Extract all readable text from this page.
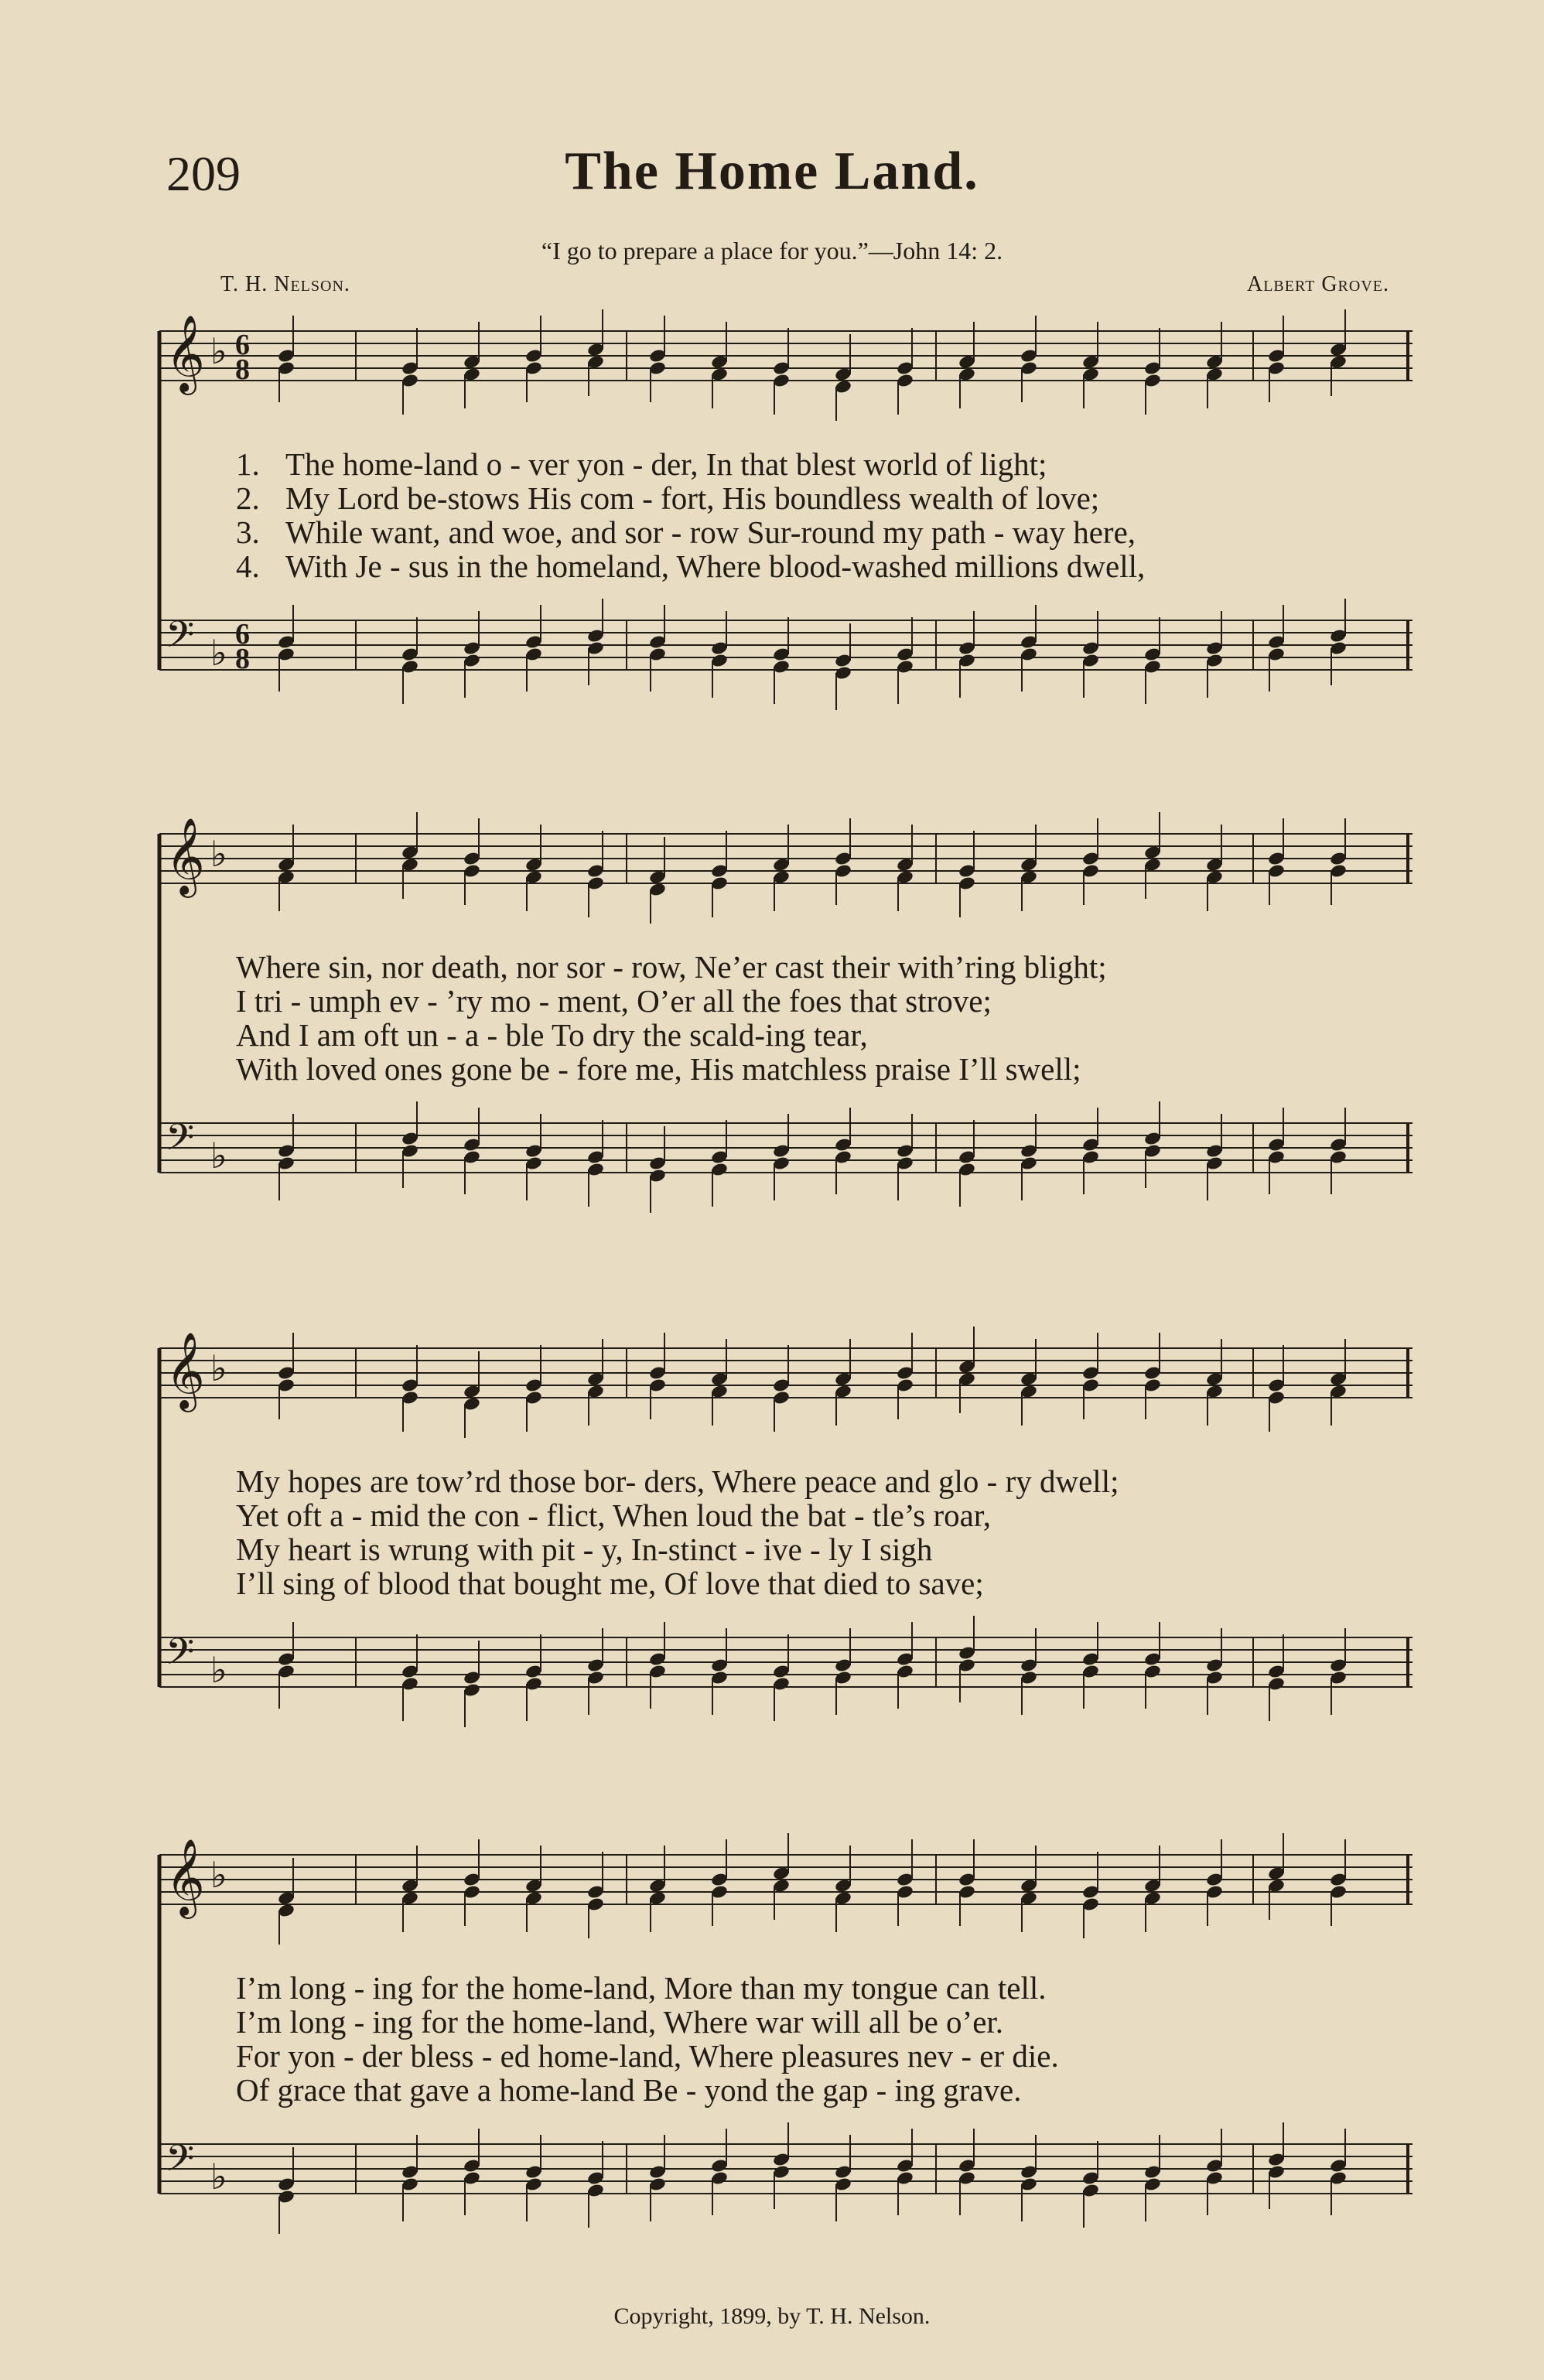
209	The Home Land.
“I go to prepare a place for you.”—John 14: 2.
T. H. Nelson.	Albert Grove.
𝄞 ♭ 6
8
𝄢 ♭ 6
8
1. The home-land o - ver yon - der, In that blest world of light;
2. My Lord be-stows His com - fort, His boundless wealth of love;
3. While want, and woe, and sor - row Sur-round my path - way here,
4. With Je - sus in the homeland, Where blood-washed millions dwell,
𝄞 ♭
𝄢 ♭
Where sin, nor death, nor sor - row, Ne’er cast their with’ring blight;
I tri - umph ev - ’ry mo - ment, O’er all the foes that strove;
And I am oft un - a - ble To dry the scald-ing tear,
With loved ones gone be - fore me, His matchless praise I’ll swell;
𝄞 ♭
𝄢 ♭
My hopes are tow’rd those bor- ders, Where peace and glo - ry dwell;
Yet oft a - mid the con - flict, When loud the bat - tle’s roar,
My heart is wrung with pit - y, In-stinct - ive - ly I sigh
I’ll sing of blood that bought me, Of love that died to save;
𝄞 ♭
𝄢 ♭
I’m long - ing for the home-land, More than my tongue can tell.
I’m long - ing for the home-land, Where war will all be o’er.
For yon - der bless - ed home-land, Where pleasures nev - er die.
Of grace that gave a home-land Be - yond the gap - ing grave.
Copyright, 1899, by T. H. Nelson.
